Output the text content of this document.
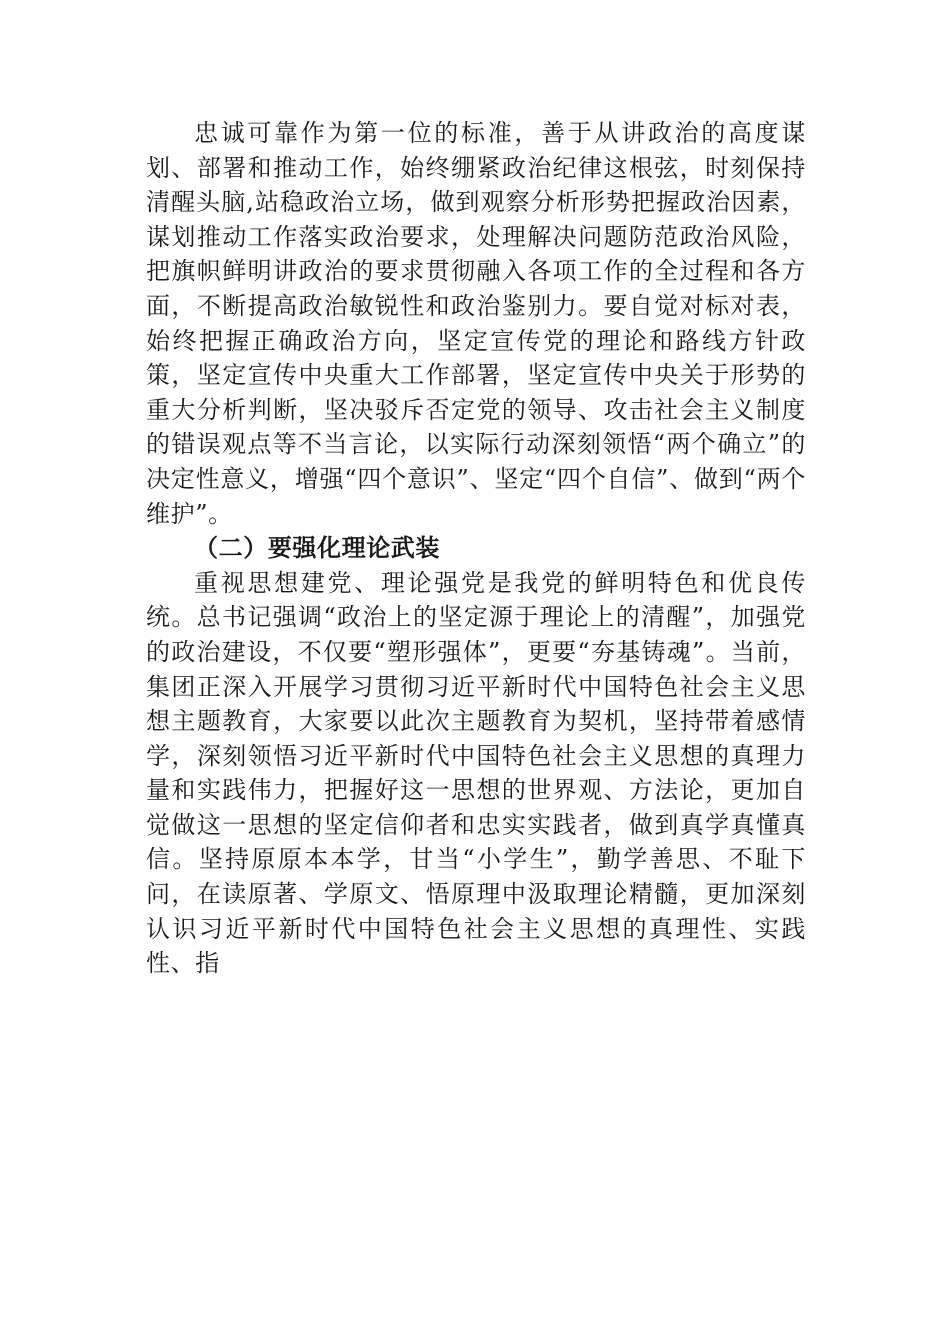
忠诚可靠作为第一位的标准，善于从讲政治的高度谋划、部署和推动工作，始终绷紧政治纪律这根弦，时刻保持清醒头脑,站稳政治立场，做到观察分析形势把握政治因素，谋划推动工作落实政治要求，处理解决问题防范政治风险，把旗帜鲜明讲政治的要求贯彻融入各项工作的全过程和各方面，不断提高政治敏锐性和政治鉴别力。要自觉对标对表，始终把握正确政治方向，坚定宣传党的理论和路线方针政策，坚定宣传中央重大工作部署，坚定宣传中央关于形势的重大分析判断，坚决驳斥否定党的领导、攻击社会主义制度的错误观点等不当言论，以实际行动深刻领悟“两个确立”的决定性意义，增强“四个意识”、坚定“四个自信”、做到“两个维护”。

（二）要强化理论武装

重视思想建党、理论强党是我党的鲜明特色和优良传统。总书记强调“政治上的坚定源于理论上的清醒”，加强党的政治建设，不仅要“塑形强体”，更要“夯基铸魂”。当前，集团正深入开展学习贯彻习近平新时代中国特色社会主义思想主题教育，大家要以此次主题教育为契机，坚持带着感情学，深刻领悟习近平新时代中国特色社会主义思想的真理力量和实践伟力，把握好这一思想的世界观、方法论，更加自觉做这一思想的坚定信仰者和忠实实践者，做到真学真懂真信。坚持原原本本学，甘当“小学生”，勤学善思、不耻下问，在读原著、学原文、悟原理中汲取理论精髓，更加深刻认识习近平新时代中国特色社会主义思想的真理性、实践性、指
